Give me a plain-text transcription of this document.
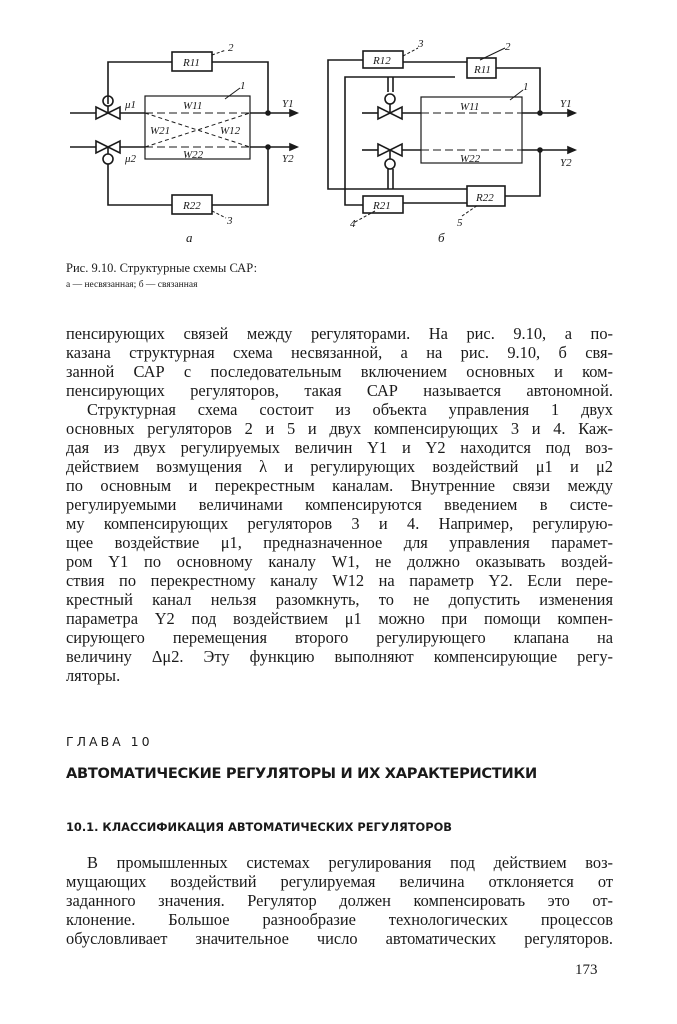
R11
R22
W11
W21	W12
W22
μ1
μ2
Y1
Y2
2
1
3
а
R12
R11
R22
R21
W11
W22
Y1
Y2
3	2
1
4	5
б
Рис. 9.10. Структурные схемы САР:
а — несвязанная; б — связанная
пенсирующих связей между регуляторами. На рис. 9.10, а по-
казана структурная схема несвязанной, а на рис. 9.10, б свя-
занной САР с последовательным включением основных и ком-
пенсирующих регуляторов, такая САР называется автономной.
Структурная схема состоит из объекта управления 1 двух
основных регуляторов 2 и 5 и двух компенсирующих 3 и 4. Каж-
дая из двух регулируемых величин Y1 и Y2 находится под воз-
действием возмущения λ и регулирующих воздействий μ1 и μ2
по основным и перекрестным каналам. Внутренние связи между
регулируемыми величинами компенсируются введением в систе-
му компенсирующих регуляторов 3 и 4. Например, регулирую-
щее воздействие μ1, предназначенное для управления парамет-
ром Y1 по основному каналу W1, не должно оказывать воздей-
ствия по перекрестному каналу W12 на параметр Y2. Если пере-
крестный канал нельзя разомкнуть, то не допустить изменения
параметра Y2 под воздействием μ1 можно при помощи компен-
сирующего перемещения второго регулирующего клапана на
величину Δμ2. Эту функцию выполняют компенсирующие регу-
ляторы.
ГЛАВА 10
АВТОМАТИЧЕСКИЕ РЕГУЛЯТОРЫ И ИХ ХАРАКТЕРИСТИКИ
10.1. КЛАССИФИКАЦИЯ АВТОМАТИЧЕСКИХ РЕГУЛЯТОРОВ
В промышленных системах регулирования под действием воз-
мущающих воздействий регулируемая величина отклоняется от
заданного значения. Регулятор должен компенсировать это от-
клонение. Большое разнообразие технологических процессов
обусловливает значительное число автоматических регуляторов.
173
